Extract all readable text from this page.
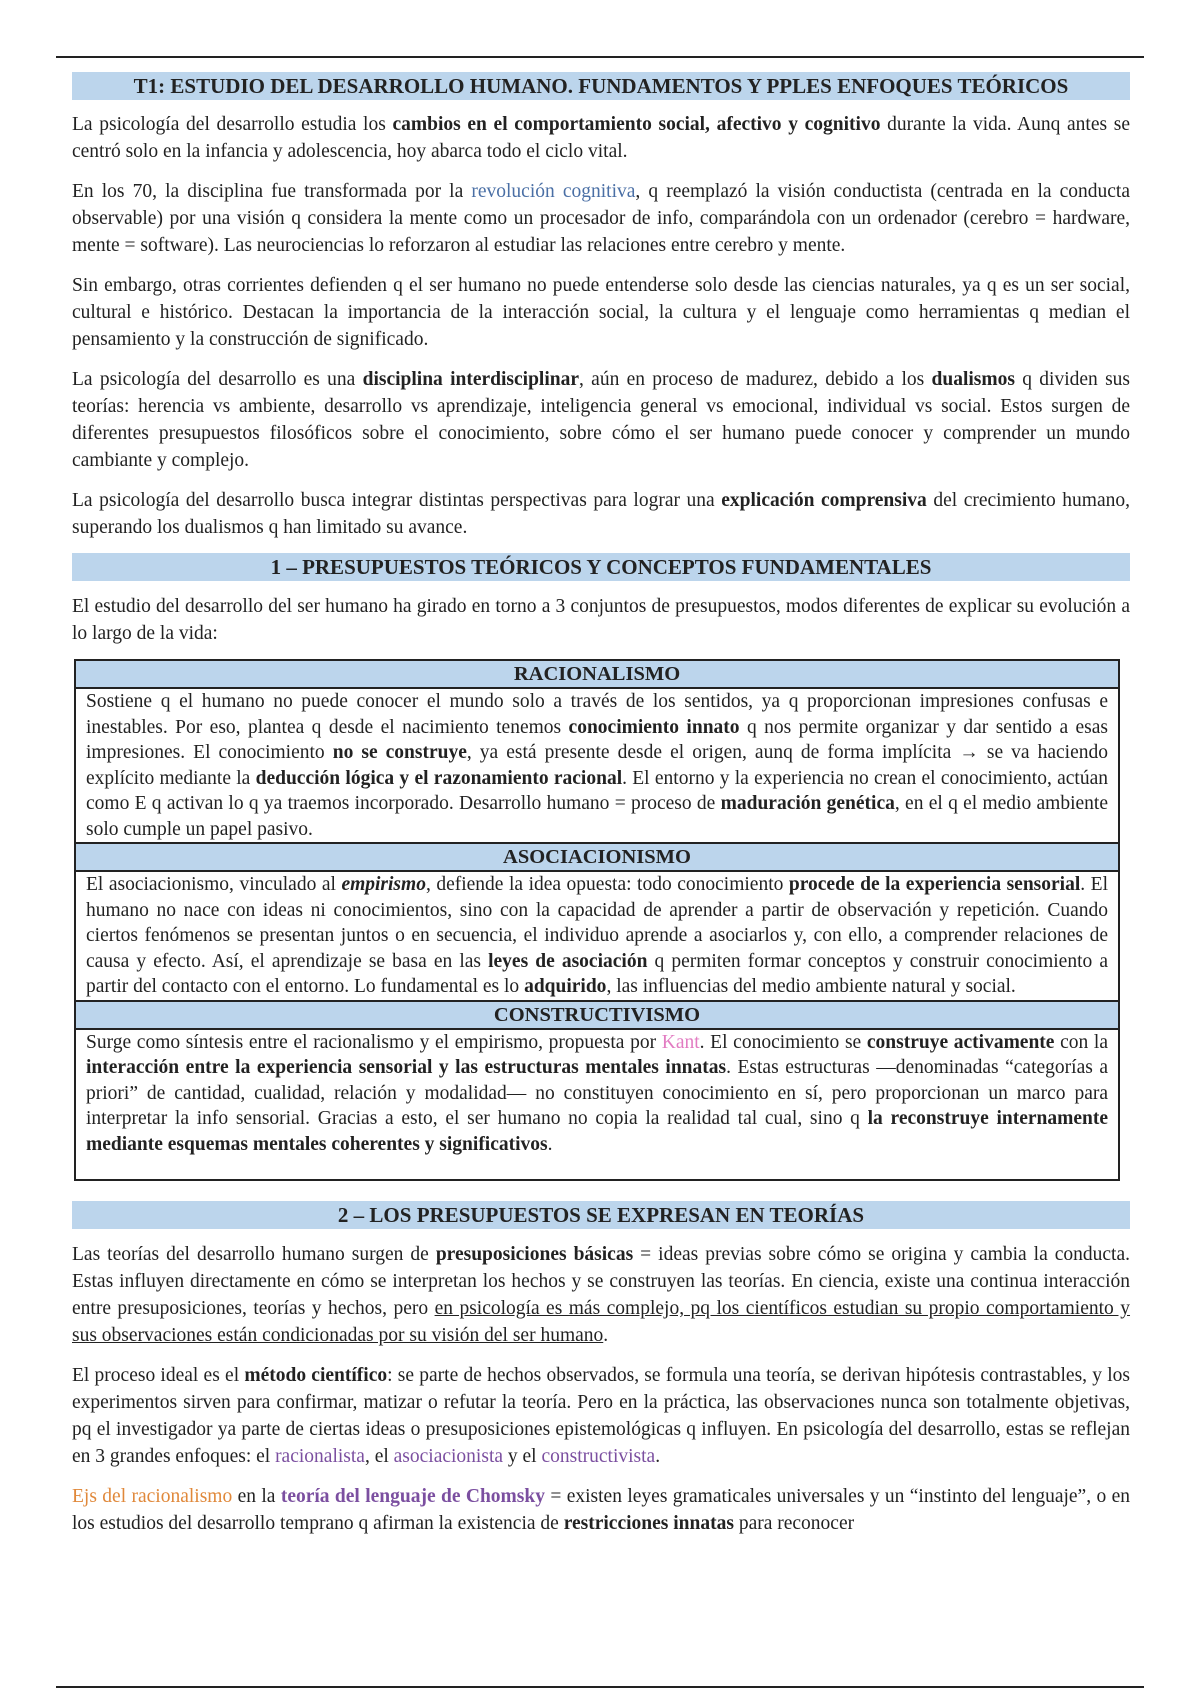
T1: ESTUDIO DEL DESARROLLO HUMANO. FUNDAMENTOS Y PPLES ENFOQUES TEÓRICOS

La psicología del desarrollo estudia los cambios en el comportamiento social, afectivo y cognitivo durante la vida. Aunq antes se centró solo en la infancia y adolescencia, hoy abarca todo el ciclo vital.

En los 70, la disciplina fue transformada por la revolución cognitiva, q reemplazó la visión conductista (centrada en la conducta observable) por una visión q considera la mente como un procesador de info, comparándola con un ordenador (cerebro = hardware, mente = software). Las neurociencias lo reforzaron al estudiar las relaciones entre cerebro y mente.

Sin embargo, otras corrientes defienden q el ser humano no puede entenderse solo desde las ciencias naturales, ya q es un ser social, cultural e histórico. Destacan la importancia de la interacción social, la cultura y el lenguaje como herramientas q median el pensamiento y la construcción de significado.

La psicología del desarrollo es una disciplina interdisciplinar, aún en proceso de madurez, debido a los dualismos q dividen sus teorías: herencia vs ambiente, desarrollo vs aprendizaje, inteligencia general vs emocional, individual vs social. Estos surgen de diferentes presupuestos filosóficos sobre el conocimiento, sobre cómo el ser humano puede conocer y comprender un mundo cambiante y complejo.

La psicología del desarrollo busca integrar distintas perspectivas para lograr una explicación comprensiva del crecimiento humano, superando los dualismos q han limitado su avance.

1 – PRESUPUESTOS TEÓRICOS Y CONCEPTOS FUNDAMENTALES

El estudio del desarrollo del ser humano ha girado en torno a 3 conjuntos de presupuestos, modos diferentes de explicar su evolución a lo largo de la vida:

RACIONALISMO
Sostiene q el humano no puede conocer el mundo solo a través de los sentidos, ya q proporcionan impresiones confusas e inestables. Por eso, plantea q desde el nacimiento tenemos conocimiento innato q nos permite organizar y dar sentido a esas impresiones. El conocimiento no se construye, ya está presente desde el origen, aunq de forma implícita → se va haciendo explícito mediante la deducción lógica y el razonamiento racional. El entorno y la experiencia no crean el conocimiento, actúan como E q activan lo q ya traemos incorporado. Desarrollo humano = proceso de maduración genética, en el q el medio ambiente solo cumple un papel pasivo.
ASOCIACIONISMO
El asociacionismo, vinculado al empirismo, defiende la idea opuesta: todo conocimiento procede de la experiencia sensorial. El humano no nace con ideas ni conocimientos, sino con la capacidad de aprender a partir de observación y repetición. Cuando ciertos fenómenos se presentan juntos o en secuencia, el individuo aprende a asociarlos y, con ello, a comprender relaciones de causa y efecto. Así, el aprendizaje se basa en las leyes de asociación q permiten formar conceptos y construir conocimiento a partir del contacto con el entorno. Lo fundamental es lo adquirido, las influencias del medio ambiente natural y social.
CONSTRUCTIVISMO
Surge como síntesis entre el racionalismo y el empirismo, propuesta por Kant. El conocimiento se construye activamente con la interacción entre la experiencia sensorial y las estructuras mentales innatas. Estas estructuras —denominadas “categorías a priori” de cantidad, cualidad, relación y modalidad— no constituyen conocimiento en sí, pero proporcionan un marco para interpretar la info sensorial. Gracias a esto, el ser humano no copia la realidad tal cual, sino q la reconstruye internamente mediante esquemas mentales coherentes y significativos.
2 – LOS PRESUPUESTOS SE EXPRESAN EN TEORÍAS

Las teorías del desarrollo humano surgen de presuposiciones básicas = ideas previas sobre cómo se origina y cambia la conducta. Estas influyen directamente en cómo se interpretan los hechos y se construyen las teorías. En ciencia, existe una continua interacción entre presuposiciones, teorías y hechos, pero en psicología es más complejo, pq los científicos estudian su propio comportamiento y sus observaciones están condicionadas por su visión del ser humano.

El proceso ideal es el método científico: se parte de hechos observados, se formula una teoría, se derivan hipótesis contrastables, y los experimentos sirven para confirmar, matizar o refutar la teoría. Pero en la práctica, las observaciones nunca son totalmente objetivas, pq el investigador ya parte de ciertas ideas o presuposiciones epistemológicas q influyen. En psicología del desarrollo, estas se reflejan en 3 grandes enfoques: el racionalista, el asociacionista y el constructivista.

Ejs del racionalismo en la teoría del lenguaje de Chomsky = existen leyes gramaticales universales y un “instinto del lenguaje”, o en los estudios del desarrollo temprano q afirman la existencia de restricciones innatas para reconocer
